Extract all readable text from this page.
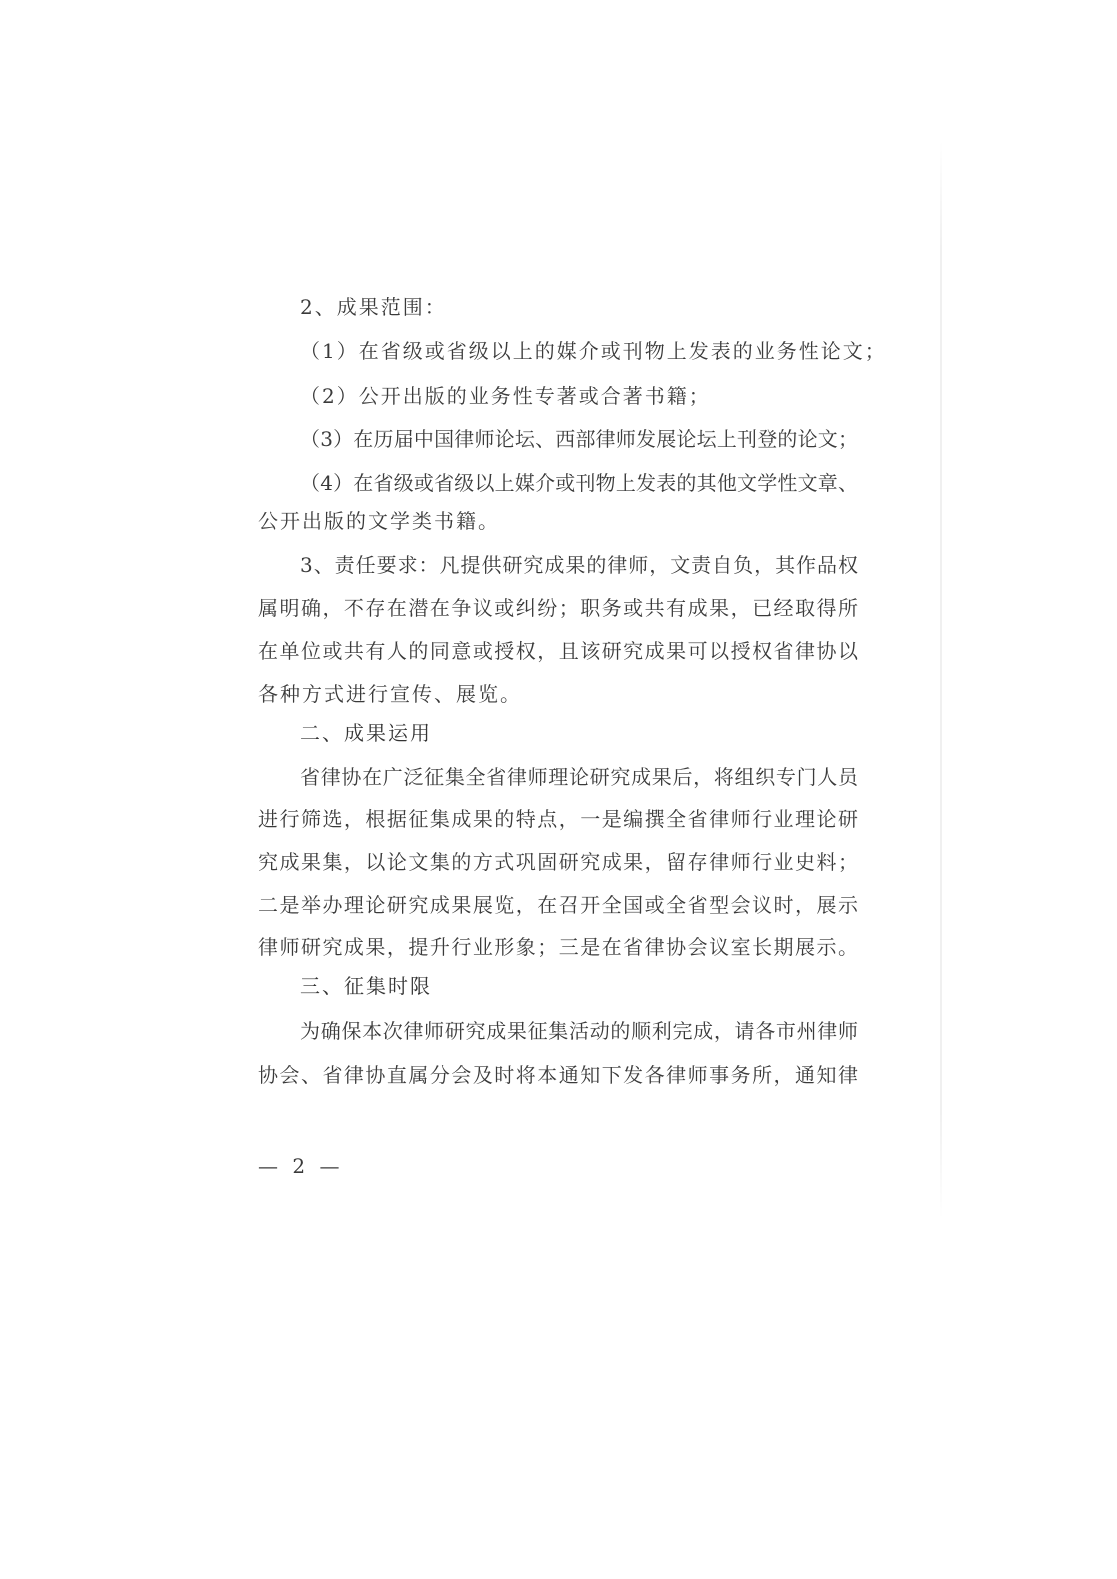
2、成果范围：
（1）在省级或省级以上的媒介或刊物上发表的业务性论文；
（2）公开出版的业务性专著或合著书籍；
（3）在历届中国律师论坛、西部律师发展论坛上刊登的论文；
（4）在省级或省级以上媒介或刊物上发表的其他文学性文章、
公开出版的文学类书籍。
3、责任要求：凡提供研究成果的律师，文责自负，其作品权
属明确，不存在潜在争议或纠纷；职务或共有成果，已经取得所
在单位或共有人的同意或授权，且该研究成果可以授权省律协以
各种方式进行宣传、展览。
二、成果运用
省律协在广泛征集全省律师理论研究成果后，将组织专门人员
进行筛选，根据征集成果的特点，一是编撰全省律师行业理论研
究成果集，以论文集的方式巩固研究成果，留存律师行业史料；
二是举办理论研究成果展览，在召开全国或全省型会议时，展示
律师研究成果，提升行业形象；三是在省律协会议室长期展示。
三、征集时限
为确保本次律师研究成果征集活动的顺利完成，请各市州律师
协会、省律协直属分会及时将本通知下发各律师事务所，通知律
— 2 —
